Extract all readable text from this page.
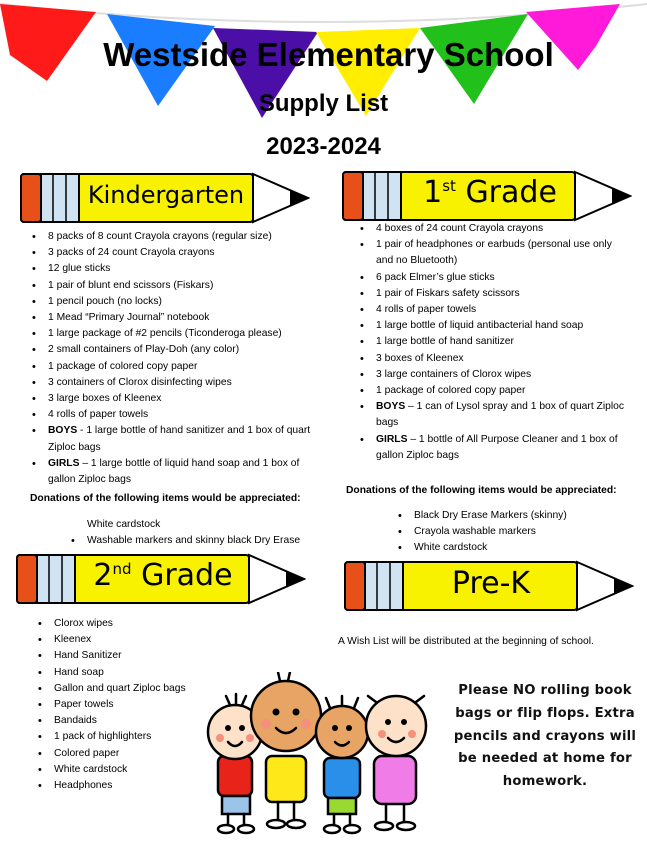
Westside Elementary School
Supply List
2023-2024
Kindergarten	1st Grade
• 8 packs of 8 count Crayola crayons (regular size)
• 3 packs of 24 count Crayola crayons
• 12 glue sticks
• 1 pair of blunt end scissors (Fiskars)
• 1 pencil pouch (no locks)
• 1 Mead “Primary Journal” notebook
• 1 large package of #2 pencils (Ticonderoga please)
• 2 small containers of Play-Doh (any color)
• 1 package of colored copy paper
• 3 containers of Clorox disinfecting wipes
• 3 large boxes of Kleenex
• 4 rolls of paper towels
• BOYS - 1 large bottle of hand sanitizer and 1 box of quart Ziploc bags
• GIRLS – 1 large bottle of liquid hand soap and 1 box of gallon Ziploc bags
Donations of the following items would be appreciated:
White cardstock
• Washable markers and skinny black Dry Erase
• 4 boxes of 24 count Crayola crayons
• 1 pair of headphones or earbuds (personal use only and no Bluetooth)
• 6 pack Elmer’s glue sticks
• 1 pair of Fiskars safety scissors
• 4 rolls of paper towels
• 1 large bottle of liquid antibacterial hand soap
• 1 large bottle of hand sanitizer
• 3 boxes of Kleenex
• 3 large containers of Clorox wipes
• 1 package of colored copy paper
• BOYS – 1 can of Lysol spray and 1 box of quart Ziploc bags
• GIRLS – 1 bottle of All Purpose Cleaner and 1 box of gallon Ziploc bags
Donations of the following items would be appreciated:
• Black Dry Erase Markers (skinny)
• Crayola washable markers
• White cardstock
2nd Grade	Pre-K
• Clorox wipes
• Kleenex
• Hand Sanitizer
• Hand soap
• Gallon and quart Ziploc bags
• Paper towels
• Bandaids
• 1 pack of highlighters
• Colored paper
• White cardstock
• Headphones
A Wish List will be distributed at the beginning of school.
Please NO rolling book bags or flip flops. Extra pencils and crayons will be needed at home for homework.
